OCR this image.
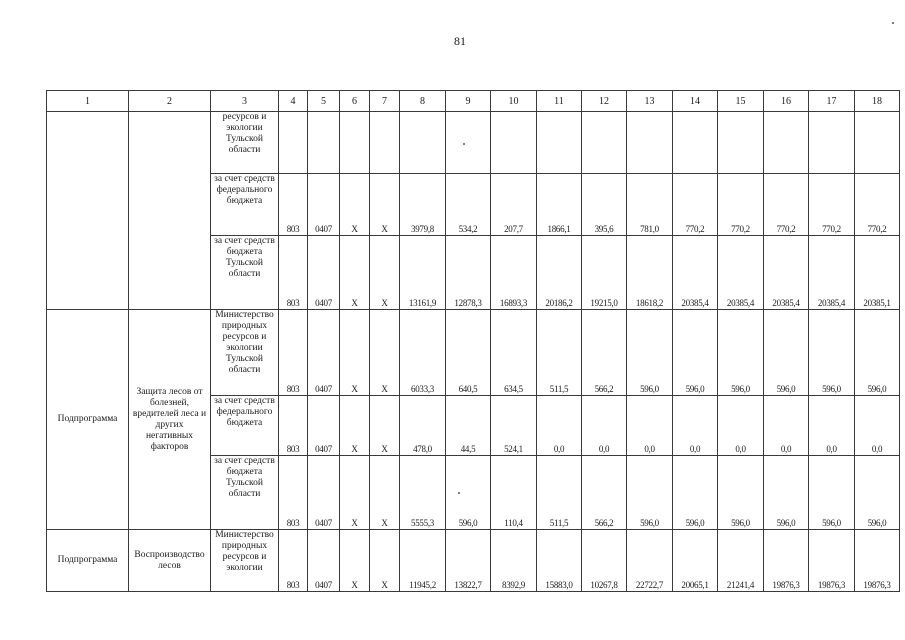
81
1	2	3	4	5	6	7	8	9	10	11	12	13	14	15	16	17	18
		ресурсов и экологии Тульской области															
		за счет средств федерального бюджета	803	0407	Х	Х	3979,8	534,2	207,7	1866,1	395,6	781,0	770,2	770,2	770,2	770,2	770,2
		за счет средств бюджета Тульской области	803	0407	Х	Х	13161,9	12878,3	16893,3	20186,2	19215,0	18618,2	20385,4	20385,4	20385,4	20385,4	20385,1
Подпрограмма	Защита лесов от болезней, вредителей леса и других негативных факторов	Министерство природных ресурсов и экологии Тульской области	803	0407	Х	Х	6033,3	640,5	634,5	511,5	566,2	596,0	596,0	596,0	596,0	596,0	596,0
		за счет средств федерального бюджета	803	0407	Х	Х	478,0	44,5	524,1	0,0	0,0	0,0	0,0	0,0	0,0	0,0	0,0
		за счет средств бюджета Тульской области	803	0407	Х	Х	5555,3	596,0	110,4	511,5	566,2	596,0	596,0	596,0	596,0	596,0	596,0
Подпрограмма	Воспроизводство лесов	Министерство природных ресурсов и экологии	803	0407	Х	Х	11945,2	13822,7	8392,9	15883,0	10267,8	22722,7	20065,1	21241,4	19876,3	19876,3	19876,3
